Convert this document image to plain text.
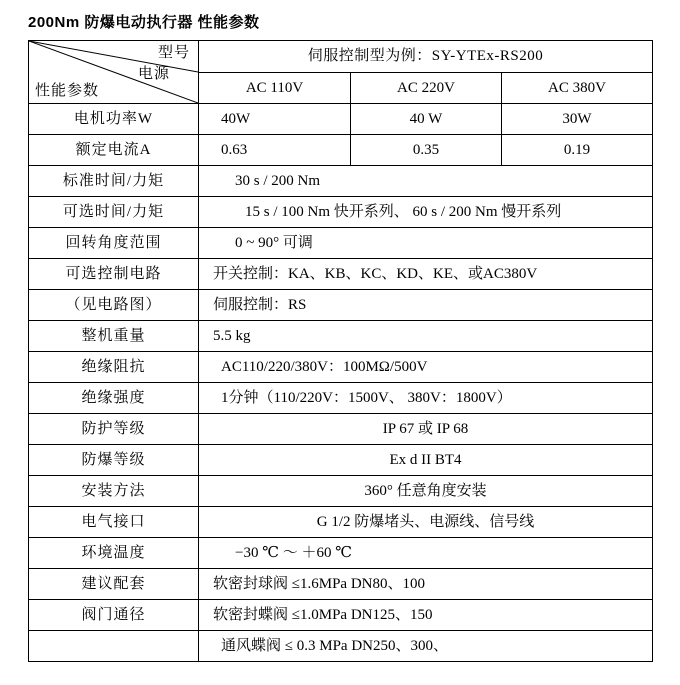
200Nm 防爆电动执行器 性能参数
型号
电源
性能参数	伺服控制型为例：SY-YTEx-RS200		
	AC 110V	AC 220V	AC 380V
电机功率W	40W	40 W	30W
额定电流A	0.63	0.35	0.19
标准时间/力矩	30 s / 200 Nm		
可选时间/力矩	15 s / 100 Nm 快开系列、 60 s / 200 Nm 慢开系列		
回转角度范围	0 ~ 90° 可调		
可选控制电路	开关控制：KA、KB、KC、KD、KE、或AC380V		
（见电路图）	伺服控制：RS		
整机重量	5.5 kg		
绝缘阻抗	AC110/220/380V：100MΩ/500V		
绝缘强度	1分钟（110/220V：1500V、 380V：1800V）		
防护等级	IP 67 或 IP 68		
防爆等级	Ex d II BT4		
安装方法	360° 任意角度安装		
电气接口	G 1/2 防爆堵头、电源线、信号线		
环境温度	−30 ℃ ～ ＋60 ℃		
建议配套	软密封球阀 ≤1.6MPa DN80、100		
阀门通径	软密封蝶阀 ≤1.0MPa DN125、150		
	通风蝶阀 ≤ 0.3 MPa DN250、300、		
